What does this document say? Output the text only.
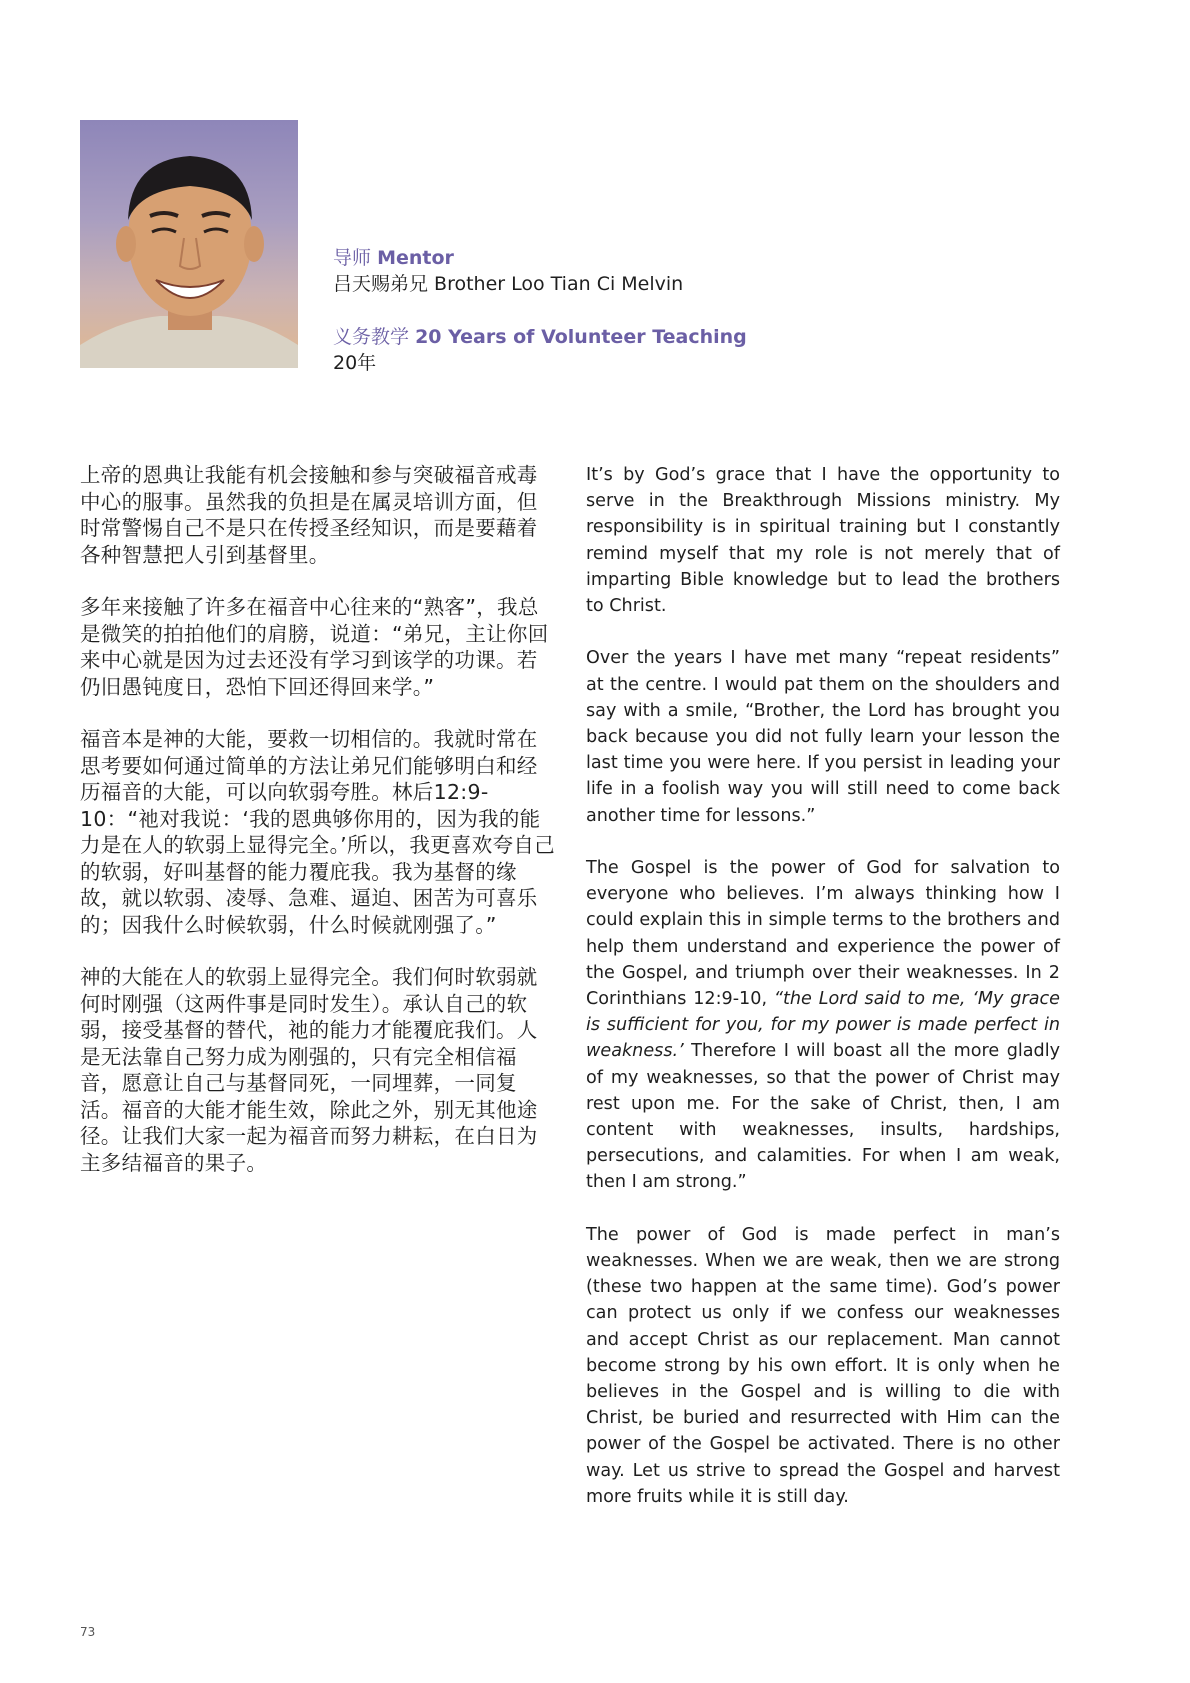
导师 Mentor
吕天赐弟兄 Brother Loo Tian Ci Melvin
义务教学 20 Years of Volunteer Teaching
20年

上帝的恩典让我能有机会接触和参与突破福音戒毒中心的服事。虽然我的负担是在属灵培训方面，但时常警惕自己不是只在传授圣经知识，而是要藉着各种智慧把人引到基督里。

多年来接触了许多在福音中心往来的“熟客”，我总是微笑的拍拍他们的肩膀，说道：“弟兄，主让你回来中心就是因为过去还没有学习到该学的功课。若仍旧愚钝度日，恐怕下回还得回来学。”

福音本是神的大能，要救一切相信的。我就时常在思考要如何通过简单的方法让弟兄们能够明白和经历福音的大能，可以向软弱夸胜。林后12:9-10：“祂对我说：‘我的恩典够你用的，因为我的能力是在人的软弱上显得完全。’所以，我更喜欢夸自己的软弱，好叫基督的能力覆庇我。我为基督的缘故，就以软弱、凌辱、急难、逼迫、困苦为可喜乐的；因我什么时候软弱，什么时候就刚强了。”

神的大能在人的软弱上显得完全。我们何时软弱就何时刚强（这两件事是同时发生）。承认自己的软弱，接受基督的替代，祂的能力才能覆庇我们。人是无法靠自己努力成为刚强的，只有完全相信福音，愿意让自己与基督同死，一同埋葬，一同复活。福音的大能才能生效，除此之外，别无其他途径。让我们大家一起为福音而努力耕耘，在白日为主多结福音的果子。

It’s by God’s grace that I have the opportunity to serve in the Breakthrough Missions ministry. My responsibility is in spiritual training but I constantly remind myself that my role is not merely that of imparting Bible knowledge but to lead the brothers to Christ.

Over the years I have met many “repeat residents” at the centre. I would pat them on the shoulders and say with a smile, “Brother, the Lord has brought you back because you did not fully learn your lesson the last time you were here. If you persist in leading your life in a foolish way you will still need to come back another time for lessons.”

The Gospel is the power of God for salvation to everyone who believes. I’m always thinking how I could explain this in simple terms to the brothers and help them understand and experience the power of the Gospel, and triumph over their weaknesses. In 2 Corinthians 12:9-10, “the Lord said to me, ‘My grace is sufficient for you, for my power is made perfect in weakness.’ Therefore I will boast all the more gladly of my weaknesses, so that the power of Christ may rest upon me. For the sake of Christ, then, I am content with weaknesses, insults, hardships, persecutions, and calamities. For when I am weak, then I am strong.”

The power of God is made perfect in man’s weaknesses. When we are weak, then we are strong (these two happen at the same time). God’s power can protect us only if we confess our weaknesses and accept Christ as our replacement. Man cannot become strong by his own effort. It is only when he believes in the Gospel and is willing to die with Christ, be buried and resurrected with Him can the power of the Gospel be activated. There is no other way. Let us strive to spread the Gospel and harvest more fruits while it is still day.

73
